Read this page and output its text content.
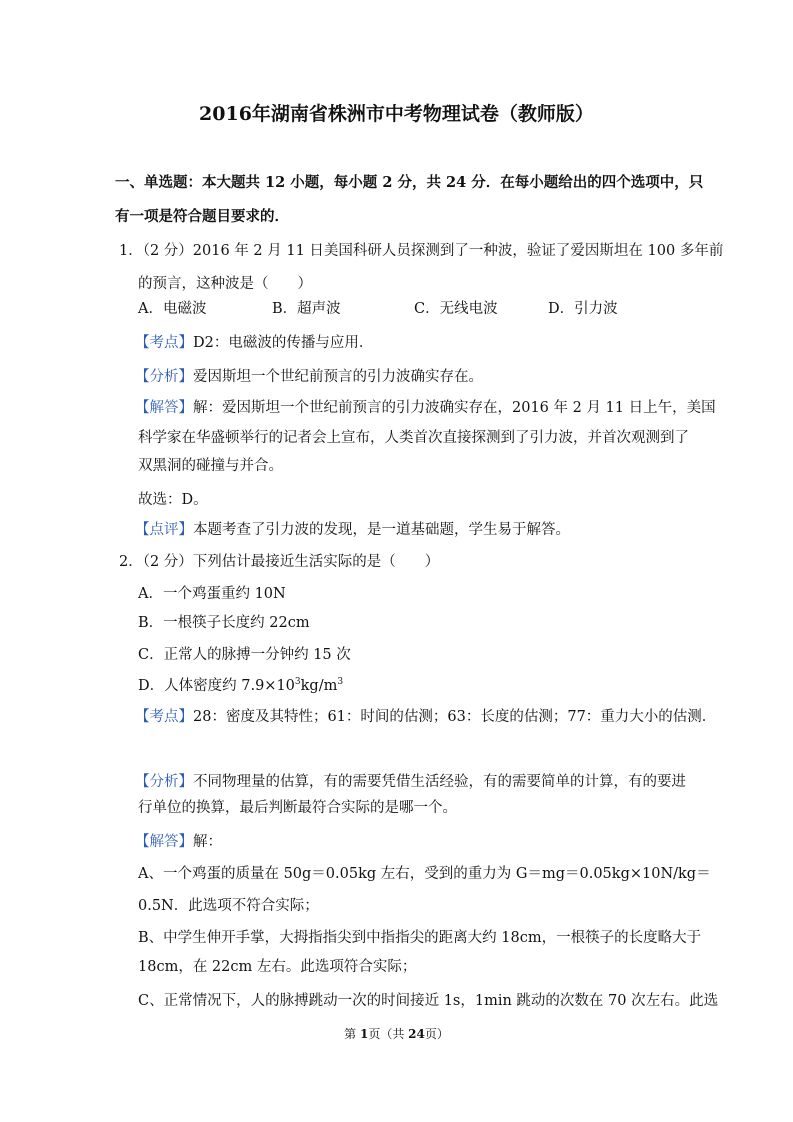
2016年湖南省株洲市中考物理试卷（教师版）
一、单选题：本大题共 12 小题，每小题 2 分，共 24 分．在每小题给出的四个选项中，只
有一项是符合题目要求的．
1．（2 分）2016 年 2 月 11 日美国科研人员探测到了一种波，验证了爱因斯坦在 100 多年前
的预言，这种波是（　　）
A．电磁波	B．超声波	C．无线电波	D．引力波
【考点】D2：电磁波的传播与应用．
【分析】爱因斯坦一个世纪前预言的引力波确实存在。
【解答】解：爱因斯坦一个世纪前预言的引力波确实存在，2016 年 2 月 11 日上午，美国
科学家在华盛顿举行的记者会上宣布，人类首次直接探测到了引力波，并首次观测到了
双黑洞的碰撞与并合。
故选：D。
【点评】本题考查了引力波的发现，是一道基础题，学生易于解答。
2．（2 分）下列估计最接近生活实际的是（　　）
A．一个鸡蛋重约 10N
B．一根筷子长度约 22cm
C．正常人的脉搏一分钟约 15 次
D．人体密度约 $7.9\times 10^3kg/m^3$
【考点】28：密度及其特性；61：时间的估测；63：长度的估测；77：重力大小的估测．
【分析】不同物理量的估算，有的需要凭借生活经验，有的需要简单的计算，有的要进
行单位的换算，最后判断最符合实际的是哪一个。
【解答】解：
A、一个鸡蛋的质量在 50g＝0.05kg 左右，受到的重力为 G＝mg＝0.05kg×10N/kg＝
0.5N．此选项不符合实际；
B、中学生伸开手掌，大拇指指尖到中指指尖的距离大约 18cm，一根筷子的长度略大于
18cm，在 22cm 左右。此选项符合实际；
C、正常情况下，人的脉搏跳动一次的时间接近 1s，1min 跳动的次数在 70 次左右。此选
第 1页（共 24页）
